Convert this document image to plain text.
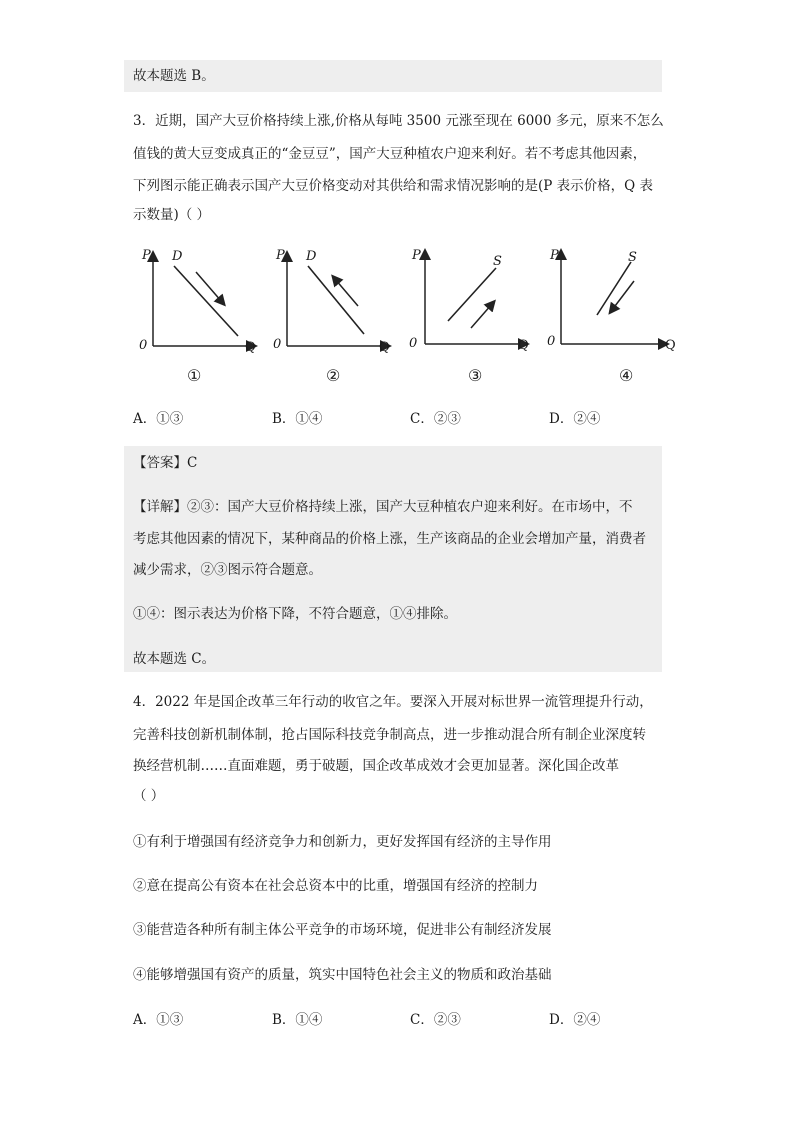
故本题选 B。
3．近期，国产大豆价格持续上涨,价格从每吨 3500 元涨至现在 6000 多元，原来不怎么
值钱的黄大豆变成真正的“金豆豆”，国产大豆种植农户迎来利好。若不考虑其他因素，
下列图示能正确表示国产大豆价格变动对其供给和需求情况影响的是(P 表示价格，Q 表
示数量)（ ）
P D
0	Q
①
P D
0	Q
②
P	S
0	Q
③
P	S
0	Q
④
A．①③	B．①④	C．②③	D．②④
【答案】C
【详解】②③：国产大豆价格持续上涨，国产大豆种植农户迎来利好。在市场中，不
考虑其他因素的情况下，某种商品的价格上涨，生产该商品的企业会增加产量，消费者
减少需求，②③图示符合题意。
①④：图示表达为价格下降，不符合题意，①④排除。
故本题选 C。
4．2022 年是国企改革三年行动的收官之年。要深入开展对标世界一流管理提升行动，
完善科技创新机制体制，抢占国际科技竞争制高点，进一步推动混合所有制企业深度转
换经营机制……直面难题，勇于破题，国企改革成效才会更加显著。深化国企改革
（ ）
①有利于增强国有经济竞争力和创新力，更好发挥国有经济的主导作用
②意在提高公有资本在社会总资本中的比重，增强国有经济的控制力
③能营造各种所有制主体公平竞争的市场环境，促进非公有制经济发展
④能够增强国有资产的质量，筑实中国特色社会主义的物质和政治基础
A．①③	B．①④	C．②③	D．②④
